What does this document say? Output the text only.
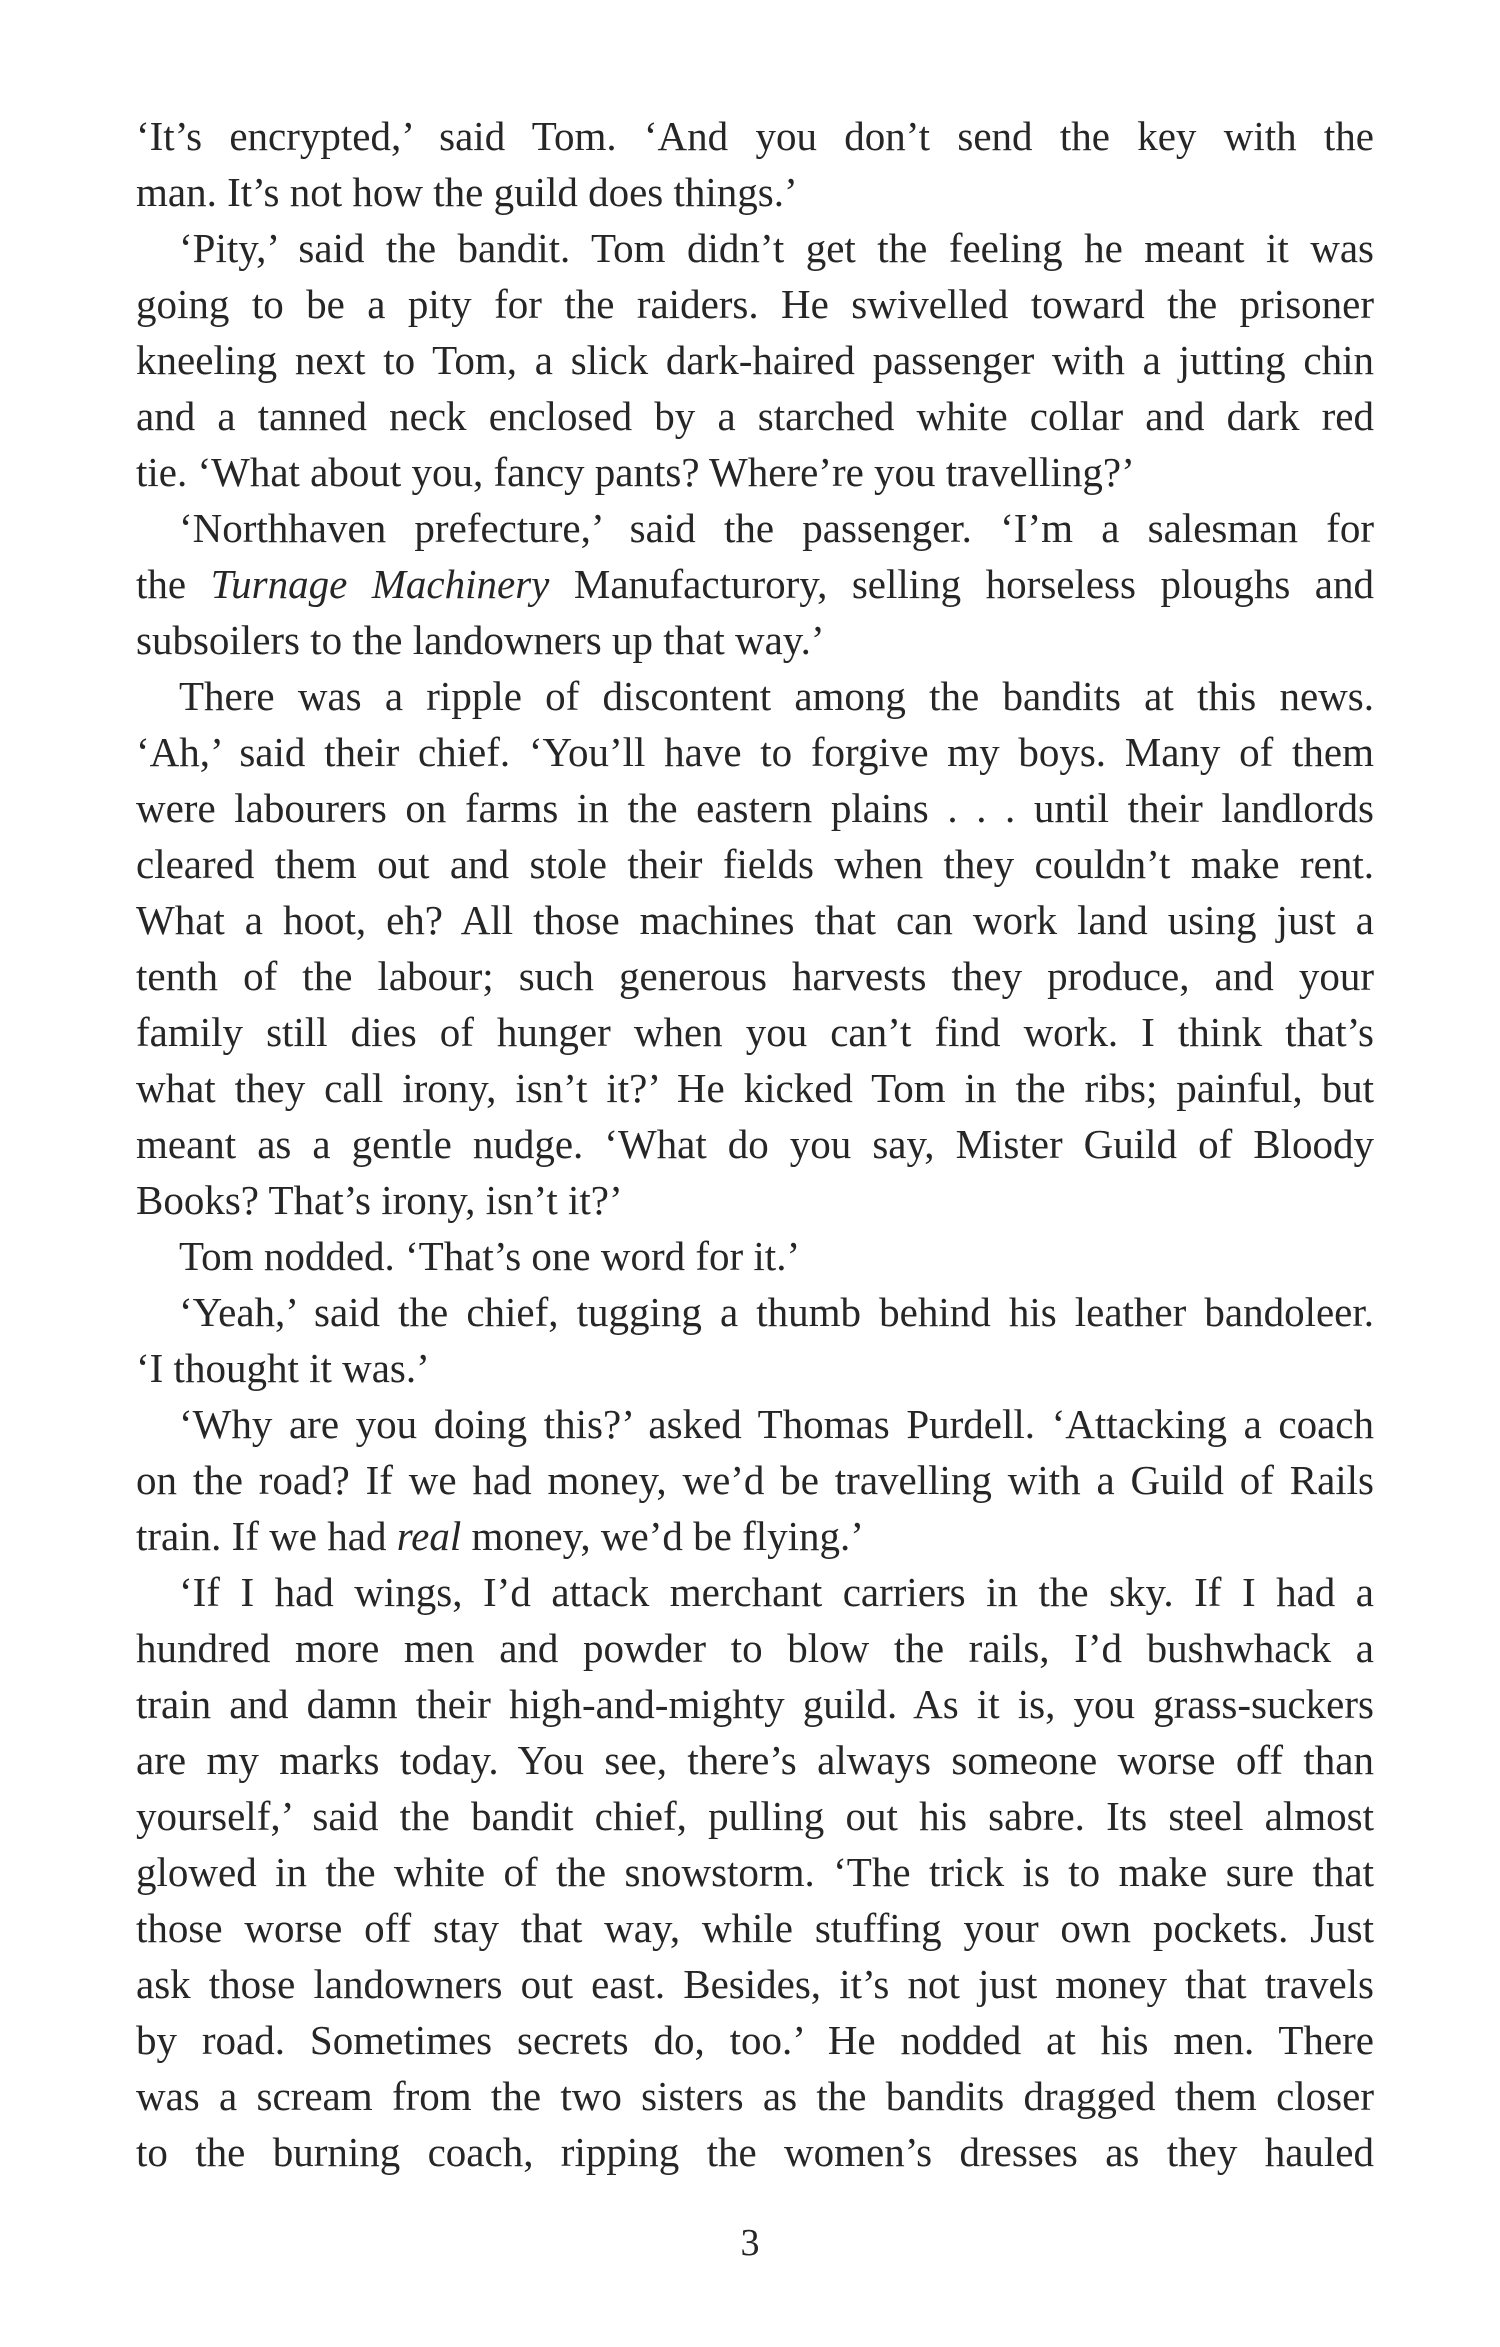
‘It’s encrypted,’ said Tom. ‘And you don’t send the key with the
man. It’s not how the guild does things.’
‘Pity,’ said the bandit. Tom didn’t get the feeling he meant it was
going to be a pity for the raiders. He swivelled toward the prisoner
kneeling next to Tom, a slick dark-haired passenger with a jutting chin
and a tanned neck enclosed by a starched white collar and dark red
tie. ‘What about you, fancy pants? Where’re you travelling?’
‘Northhaven prefecture,’ said the passenger. ‘I’m a salesman for
the Turnage Machinery Manufacturory, selling horseless ploughs and
subsoilers to the landowners up that way.’
There was a ripple of discontent among the bandits at this news.
‘Ah,’ said their chief. ‘You’ll have to forgive my boys. Many of them
were labourers on farms in the eastern plains . . . until their landlords
cleared them out and stole their fields when they couldn’t make rent.
What a hoot, eh? All those machines that can work land using just a
tenth of the labour; such generous harvests they produce, and your
family still dies of hunger when you can’t find work. I think that’s
what they call irony, isn’t it?’ He kicked Tom in the ribs; painful, but
meant as a gentle nudge. ‘What do you say, Mister Guild of Bloody
Books? That’s irony, isn’t it?’
Tom nodded. ‘That’s one word for it.’
‘Yeah,’ said the chief, tugging a thumb behind his leather bandoleer.
‘I thought it was.’
‘Why are you doing this?’ asked Thomas Purdell. ‘Attacking a coach
on the road? If we had money, we’d be travelling with a Guild of Rails
train. If we had real money, we’d be flying.’
‘If I had wings, I’d attack merchant carriers in the sky. If I had a
hundred more men and powder to blow the rails, I’d bushwhack a
train and damn their high-and-mighty guild. As it is, you grass-suckers
are my marks today. You see, there’s always someone worse off than
yourself,’ said the bandit chief, pulling out his sabre. Its steel almost
glowed in the white of the snowstorm. ‘The trick is to make sure that
those worse off stay that way, while stuffing your own pockets. Just
ask those landowners out east. Besides, it’s not just money that travels
by road. Sometimes secrets do, too.’ He nodded at his men. There
was a scream from the two sisters as the bandits dragged them closer
to the burning coach, ripping the women’s dresses as they hauled
3
